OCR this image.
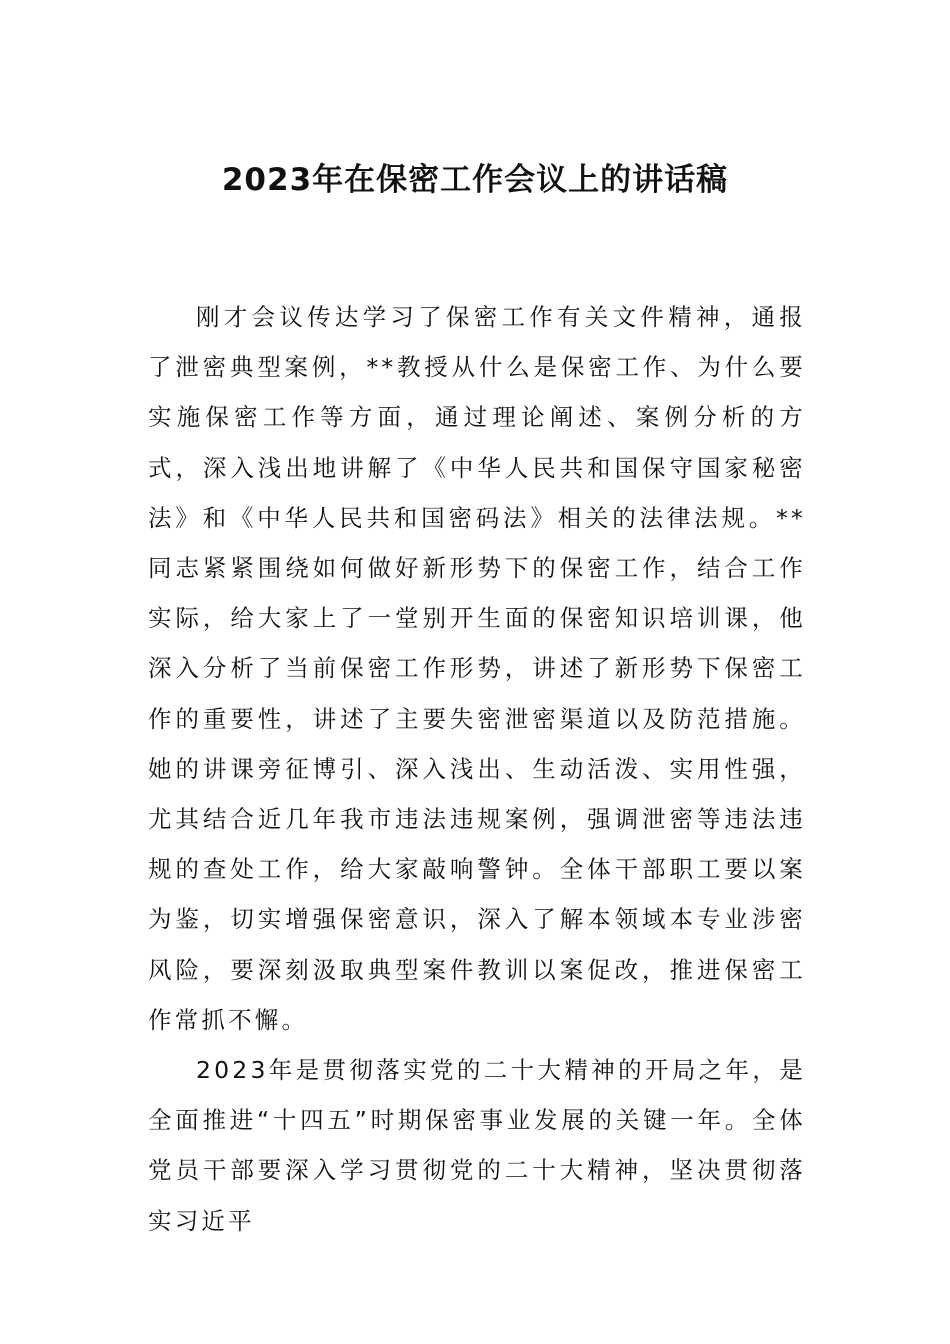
2023年在保密工作会议上的讲话稿

刚才会议传达学习了保密工作有关文件精神，通报了泄密典型案例，**教授从什么是保密工作、为什么要实施保密工作等方面，通过理论阐述、案例分析的方式，深入浅出地讲解了《中华人民共和国保守国家秘密法》和《中华人民共和国密码法》相关的法律法规。**同志紧紧围绕如何做好新形势下的保密工作，结合工作实际，给大家上了一堂别开生面的保密知识培训课，他深入分析了当前保密工作形势，讲述了新形势下保密工作的重要性，讲述了主要失密泄密渠道以及防范措施。她的讲课旁征博引、深入浅出、生动活泼、实用性强，尤其结合近几年我市违法违规案例，强调泄密等违法违规的查处工作，给大家敲响警钟。全体干部职工要以案为鉴，切实增强保密意识，深入了解本领域本专业涉密风险，要深刻汲取典型案件教训以案促改，推进保密工作常抓不懈。

2023年是贯彻落实党的二十大精神的开局之年，是全面推进“十四五”时期保密事业发展的关键一年。全体党员干部要深入学习贯彻党的二十大精神，坚决贯彻落实习近平
